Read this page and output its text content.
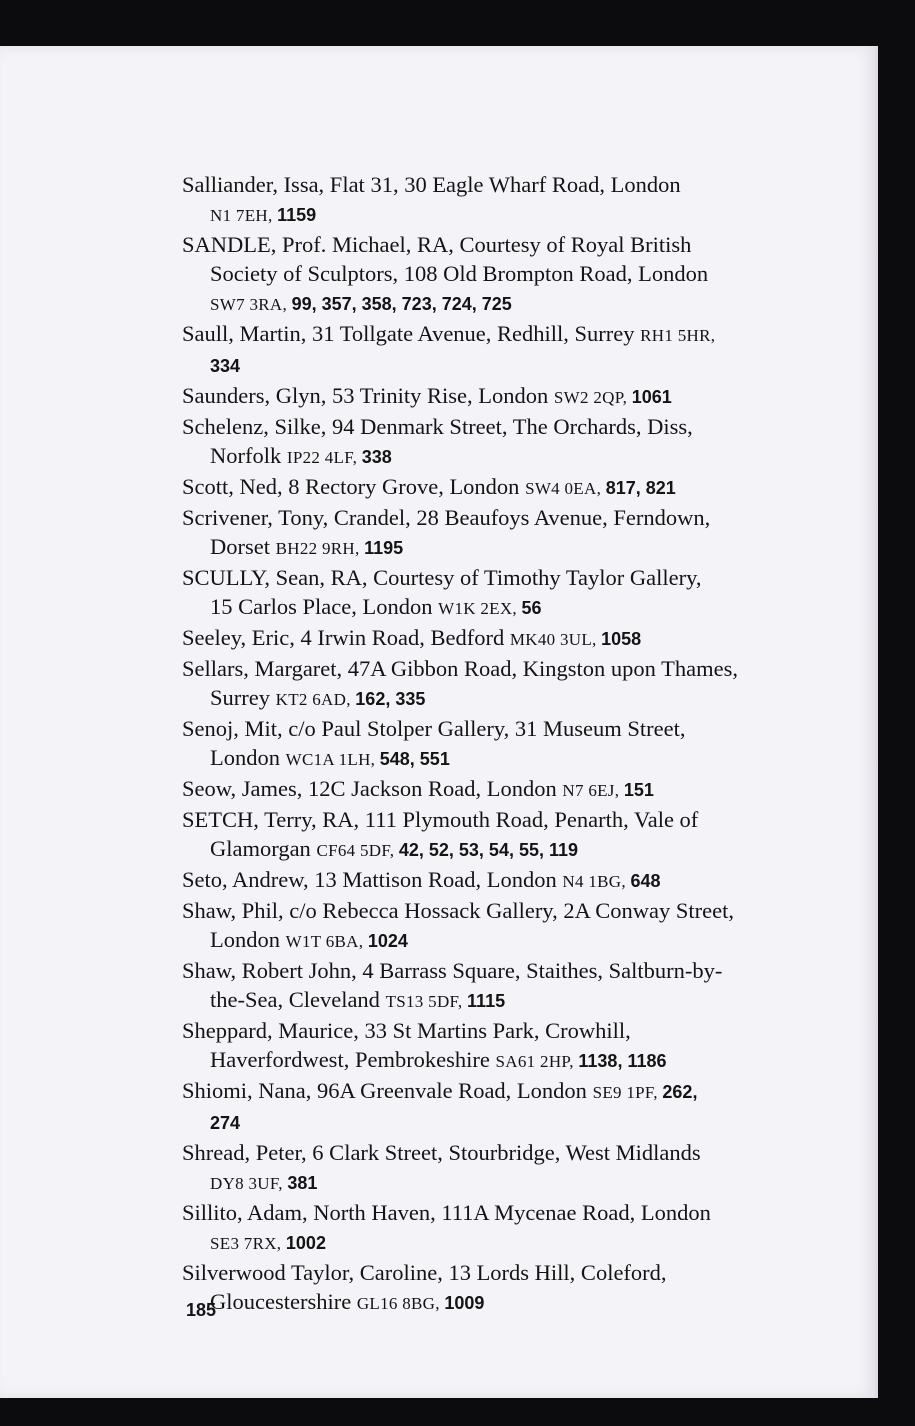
Salliander, Issa, Flat 31, 30 Eagle Wharf Road, London
N1 7EH, 1159

SANDLE, Prof. Michael, RA, Courtesy of Royal British
Society of Sculptors, 108 Old Brompton Road, London
SW7 3RA, 99, 357, 358, 723, 724, 725

Saull, Martin, 31 Tollgate Avenue, Redhill, Surrey RH1 5HR,
334

Saunders, Glyn, 53 Trinity Rise, London SW2 2QP, 1061

Schelenz, Silke, 94 Denmark Street, The Orchards, Diss,
Norfolk IP22 4LF, 338

Scott, Ned, 8 Rectory Grove, London SW4 0EA, 817, 821

Scrivener, Tony, Crandel, 28 Beaufoys Avenue, Ferndown,
Dorset BH22 9RH, 1195

SCULLY, Sean, RA, Courtesy of Timothy Taylor Gallery,
15 Carlos Place, London W1K 2EX, 56

Seeley, Eric, 4 Irwin Road, Bedford MK40 3UL, 1058

Sellars, Margaret, 47A Gibbon Road, Kingston upon Thames,
Surrey KT2 6AD, 162, 335

Senoj, Mit, c/o Paul Stolper Gallery, 31 Museum Street,
London WC1A 1LH, 548, 551

Seow, James, 12C Jackson Road, London N7 6EJ, 151

SETCH, Terry, RA, 111 Plymouth Road, Penarth, Vale of
Glamorgan CF64 5DF, 42, 52, 53, 54, 55, 119

Seto, Andrew, 13 Mattison Road, London N4 1BG, 648

Shaw, Phil, c/o Rebecca Hossack Gallery, 2A Conway Street,
London W1T 6BA, 1024

Shaw, Robert John, 4 Barrass Square, Staithes, Saltburn-by-
the-Sea, Cleveland TS13 5DF, 1115

Sheppard, Maurice, 33 St Martins Park, Crowhill,
Haverfordwest, Pembrokeshire SA61 2HP, 1138, 1186

Shiomi, Nana, 96A Greenvale Road, London SE9 1PF, 262,
274

Shread, Peter, 6 Clark Street, Stourbridge, West Midlands
DY8 3UF, 381

Sillito, Adam, North Haven, 111A Mycenae Road, London
SE3 7RX, 1002

Silverwood Taylor, Caroline, 13 Lords Hill, Coleford,
Gloucestershire GL16 8BG, 1009

185
